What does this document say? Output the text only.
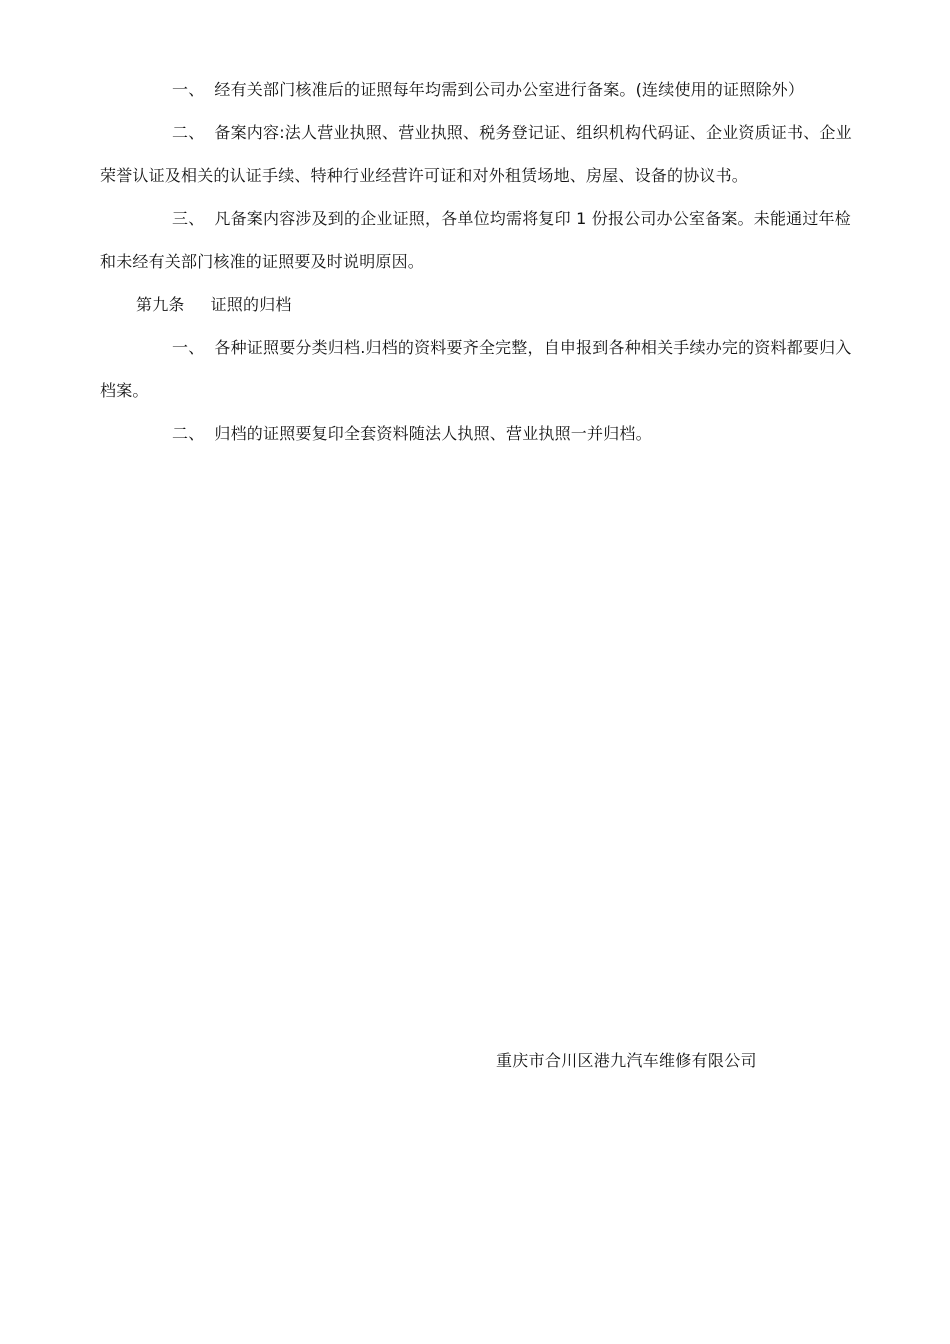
一、 经有关部门核准后的证照每年均需到公司办公室进行备案。(连续使用的证照除外）

二、 备案内容:法人营业执照、营业执照、税务登记证、组织机构代码证、企业资质证书、企业荣誉认证及相关的认证手续、特种行业经营许可证和对外租赁场地、房屋、设备的协议书。

三、 凡备案内容涉及到的企业证照，各单位均需将复印 1 份报公司办公室备案。未能通过年检和未经有关部门核准的证照要及时说明原因。

第九条 证照的归档

一、 各种证照要分类归档.归档的资料要齐全完整，自申报到各种相关手续办完的资料都要归入档案。

二、 归档的证照要复印全套资料随法人执照、营业执照一并归档。

重庆市合川区港九汽车维修有限公司
